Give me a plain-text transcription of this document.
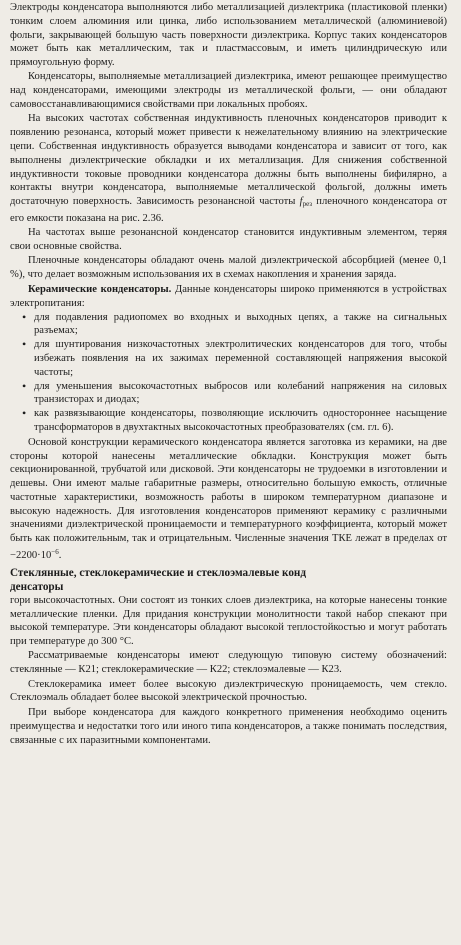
Электроды конденсатора выполняются либо металлизацией диэлектрика (пластиковой пленки) тонким слоем алюминия или цинка, либо использованием металлической (алюминиевой) фольги, закрывающей большую часть поверхности диэлектрика. Корпус таких конденсаторов может быть как металлическим, так и пластмассовым, и иметь цилиндрическую или прямоугольную форму.

Конденсаторы, выполняемые металлизацией диэлектрика, имеют решающее преимущество над конденсаторами, имеющими электроды из металлической фольги, — они обладают самовосстанавливающимися свойствами при локальных пробоях.

На высоких частотах собственная индуктивность пленочных конденсаторов приводит к появлению резонанса, который может привести к нежелательному влиянию на электрические цепи. Собственная индуктивность образуется выводами конденсатора и зависит от того, как выполнены диэлектрические обкладки и их металлизация. Для снижения собственной индуктивности токовые проводники конденсатора должны быть выполнены бифилярно, а контакты внутри конденсатора, выполняемые металлической фольгой, должны иметь достаточную поверхность. Зависимость резонансной частоты $f_{рез}$ пленочного конденсатора от его емкости показана на рис. 2.36.

На частотах выше резонансной конденсатор становится индуктивным элементом, теряя свои основные свойства.

Пленочные конденсаторы обладают очень малой диэлектрической абсорбцией (менее 0,1 %), что делает возможным использования их в схемах накопления и хранения заряда.

Керамические конденсаторы. Данные конденсаторы широко применяются в устройствах электропитания:

• для подавления радиопомех во входных и выходных цепях, а также на сигнальных разъемах;
• для шунтирования низкочастотных электролитических конденсаторов для того, чтобы избежать появления на их зажимах переменной составляющей напряжения высокой частоты;
• для уменьшения высокочастотных выбросов или колебаний напряжения на силовых транзисторах и диодах;
• как развязывающие конденсаторы, позволяющие исключить одностороннее насыщение трансформаторов в двухтактных высокочастотных преобразователях (см. гл. 6).

Основой конструкции керамического конденсатора является заготовка из керамики, на две стороны которой нанесены металлические обкладки. Конструкция может быть секционированной, трубчатой или дисковой. Эти конденсаторы не трудоемки в изготовлении и дешевы. Они имеют малые габаритные размеры, относительно большую емкость, отличные частотные характеристики, возможность работы в широком температурном диапазоне и высокую надежность. Для изготовления конденсаторов применяют керамику с различными значениями диэлектрической проницаемости и температурного коэффициента, который может быть как положительным, так и отрицательным. Численные значения ТКЕ лежат в пределах от $-2200\cdot 10^{-6}$.

Стеклянные, стеклокерамические и стеклоэмалевые конд
денсаторы

гори высокочастотных. Они состоят из тонких слоев диэлектрика, на которые нанесены тонкие металлические пленки. Для придания конструкции монолитности такой набор спекают при высокой температуре. Эти конденсаторы обладают высокой теплостойкостью и могут работать при температуре до 300 °С.

Рассматриваемые конденсаторы имеют следующую типовую систему обозначений: стеклянные — К21; стеклокерамические — К22; стеклоэмалевые — К23.

Стеклокерамика имеет более высокую диэлектрическую проницаемость, чем стекло. Стеклоэмаль обладает более высокой электрической прочностью.

При выборе конденсатора для каждого конкретного применения необходимо оценить преимущества и недостатки того или иного типа конденсаторов, а также понимать последствия, связанные с их паразитными компонентами.
